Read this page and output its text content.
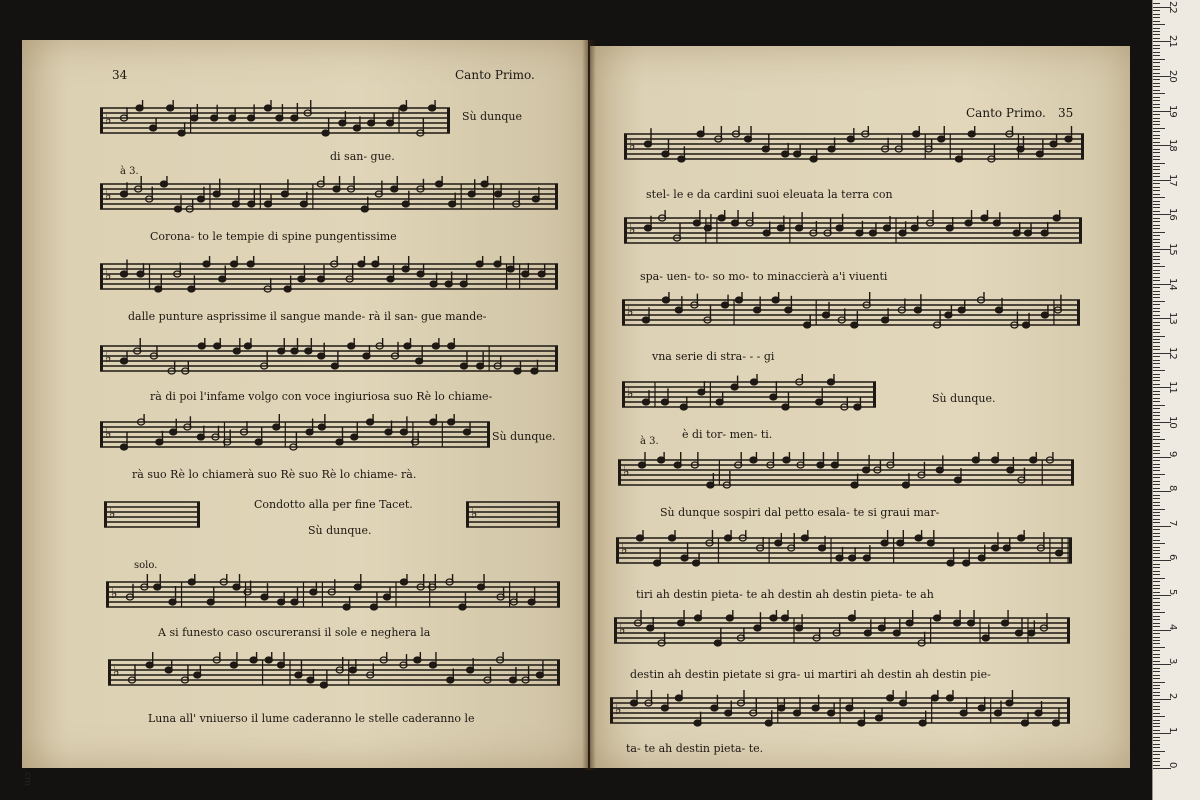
34	Canto Primo.
♭	Sù dunque
à 3.
di san- gue.
♭
Corona- to le tempie di spine pungentissime
♭
dalle punture asprissime il sangue mande- rà il san- gue mande-
♭
rà di poi l'infame volgo con voce ingiuriosa suo Rè lo chiame-
♭	Sù dunque.
rà suo Rè lo chiamerà suo Rè suo Rè lo chiame- rà.
♭
Condotto alla per fine Tacet.
Sù dunque.
♭
solo.
♭
A si funesto caso oscureransi il sole e neghera la
♭
Luna all' vniuerso il lume caderanno le stelle caderanno le
Canto Primo. 35
♭
stel- le e da cardini suoi eleuata la terra con
♭
spa- uen- to- so mo- to minaccierà a'i viuenti
♭
vna serie di stra- - - gi
♭	Sù dunque.
è di tor- men- ti.
à 3.
♭
Sù dunque sospiri dal petto esala- te si graui mar-
♭
tiri ah destin pieta- te ah destin ah destin pieta- te ah
♭
destin ah destin pietate si gra- ui martiri ah destin ah destin pie-
♭
ta- te ah destin pieta- te.
22
21
20
19
18
17
16
15
14
13
12
11
10
9
8
7
6
5
4
3
2
1
0
cm
